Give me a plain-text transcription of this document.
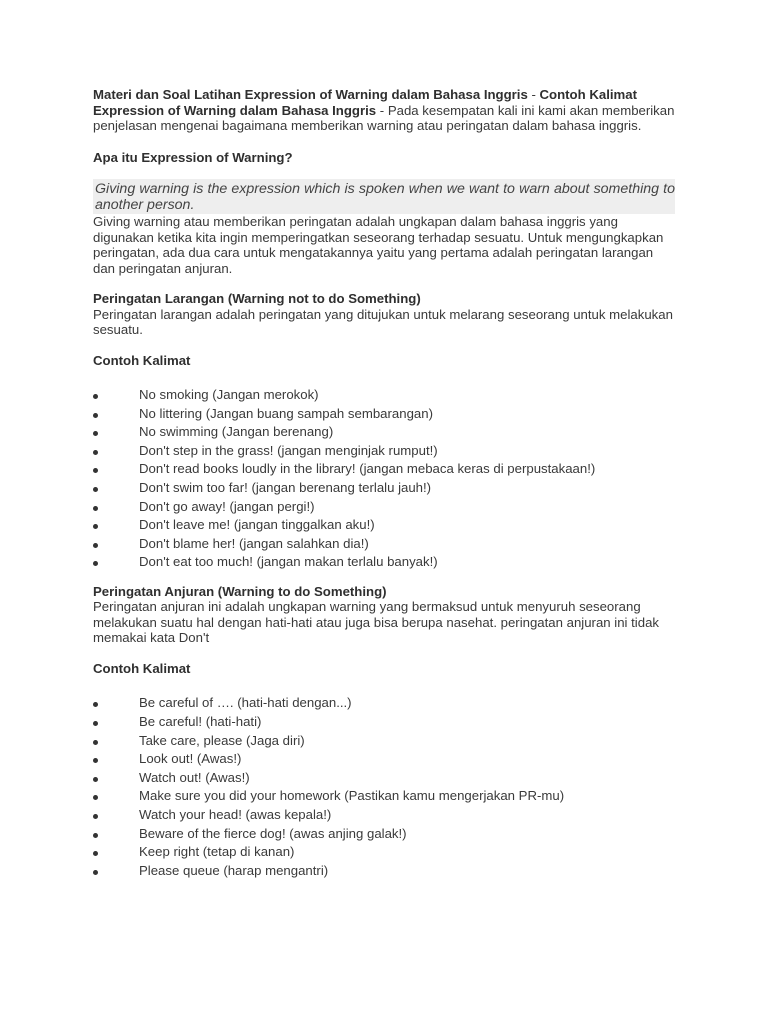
Materi dan Soal Latihan Expression of Warning dalam Bahasa Inggris - Contoh Kalimat Expression of Warning dalam Bahasa Inggris - Pada kesempatan kali ini kami akan memberikan penjelasan mengenai bagaimana memberikan warning atau peringatan dalam bahasa inggris.

Apa itu Expression of Warning?

Giving warning is the expression which is spoken when we want to warn about something to another person.

Giving warning atau memberikan peringatan adalah ungkapan dalam bahasa inggris yang digunakan ketika kita ingin memperingatkan seseorang terhadap sesuatu. Untuk mengungkapkan peringatan, ada dua cara untuk mengatakannya yaitu yang pertama adalah peringatan larangan dan peringatan anjuran.

Peringatan Larangan (Warning not to do Something)

Peringatan larangan adalah peringatan yang ditujukan untuk melarang seseorang untuk melakukan sesuatu.

Contoh Kalimat

No smoking (Jangan merokok)
No littering (Jangan buang sampah sembarangan)
No swimming (Jangan berenang)
Don't step in the grass! (jangan menginjak rumput!)
Don't read books loudly in the library! (jangan mebaca keras di perpustakaan!)
Don't swim too far! (jangan berenang terlalu jauh!)
Don't go away! (jangan pergi!)
Don't leave me! (jangan tinggalkan aku!)
Don't blame her! (jangan salahkan dia!)
Don't eat too much! (jangan makan terlalu banyak!)

Peringatan Anjuran (Warning to do Something)

Peringatan anjuran ini adalah ungkapan warning yang bermaksud untuk menyuruh seseorang melakukan suatu hal dengan hati-hati atau juga bisa berupa nasehat. peringatan anjuran ini tidak memakai kata Don't

Contoh Kalimat

Be careful of …. (hati-hati dengan...)
Be careful! (hati-hati)
Take care, please (Jaga diri)
Look out! (Awas!)
Watch out! (Awas!)
Make sure you did your homework (Pastikan kamu mengerjakan PR-mu)
Watch your head! (awas kepala!)
Beware of the fierce dog! (awas anjing galak!)
Keep right (tetap di kanan)
Please queue (harap mengantri)
